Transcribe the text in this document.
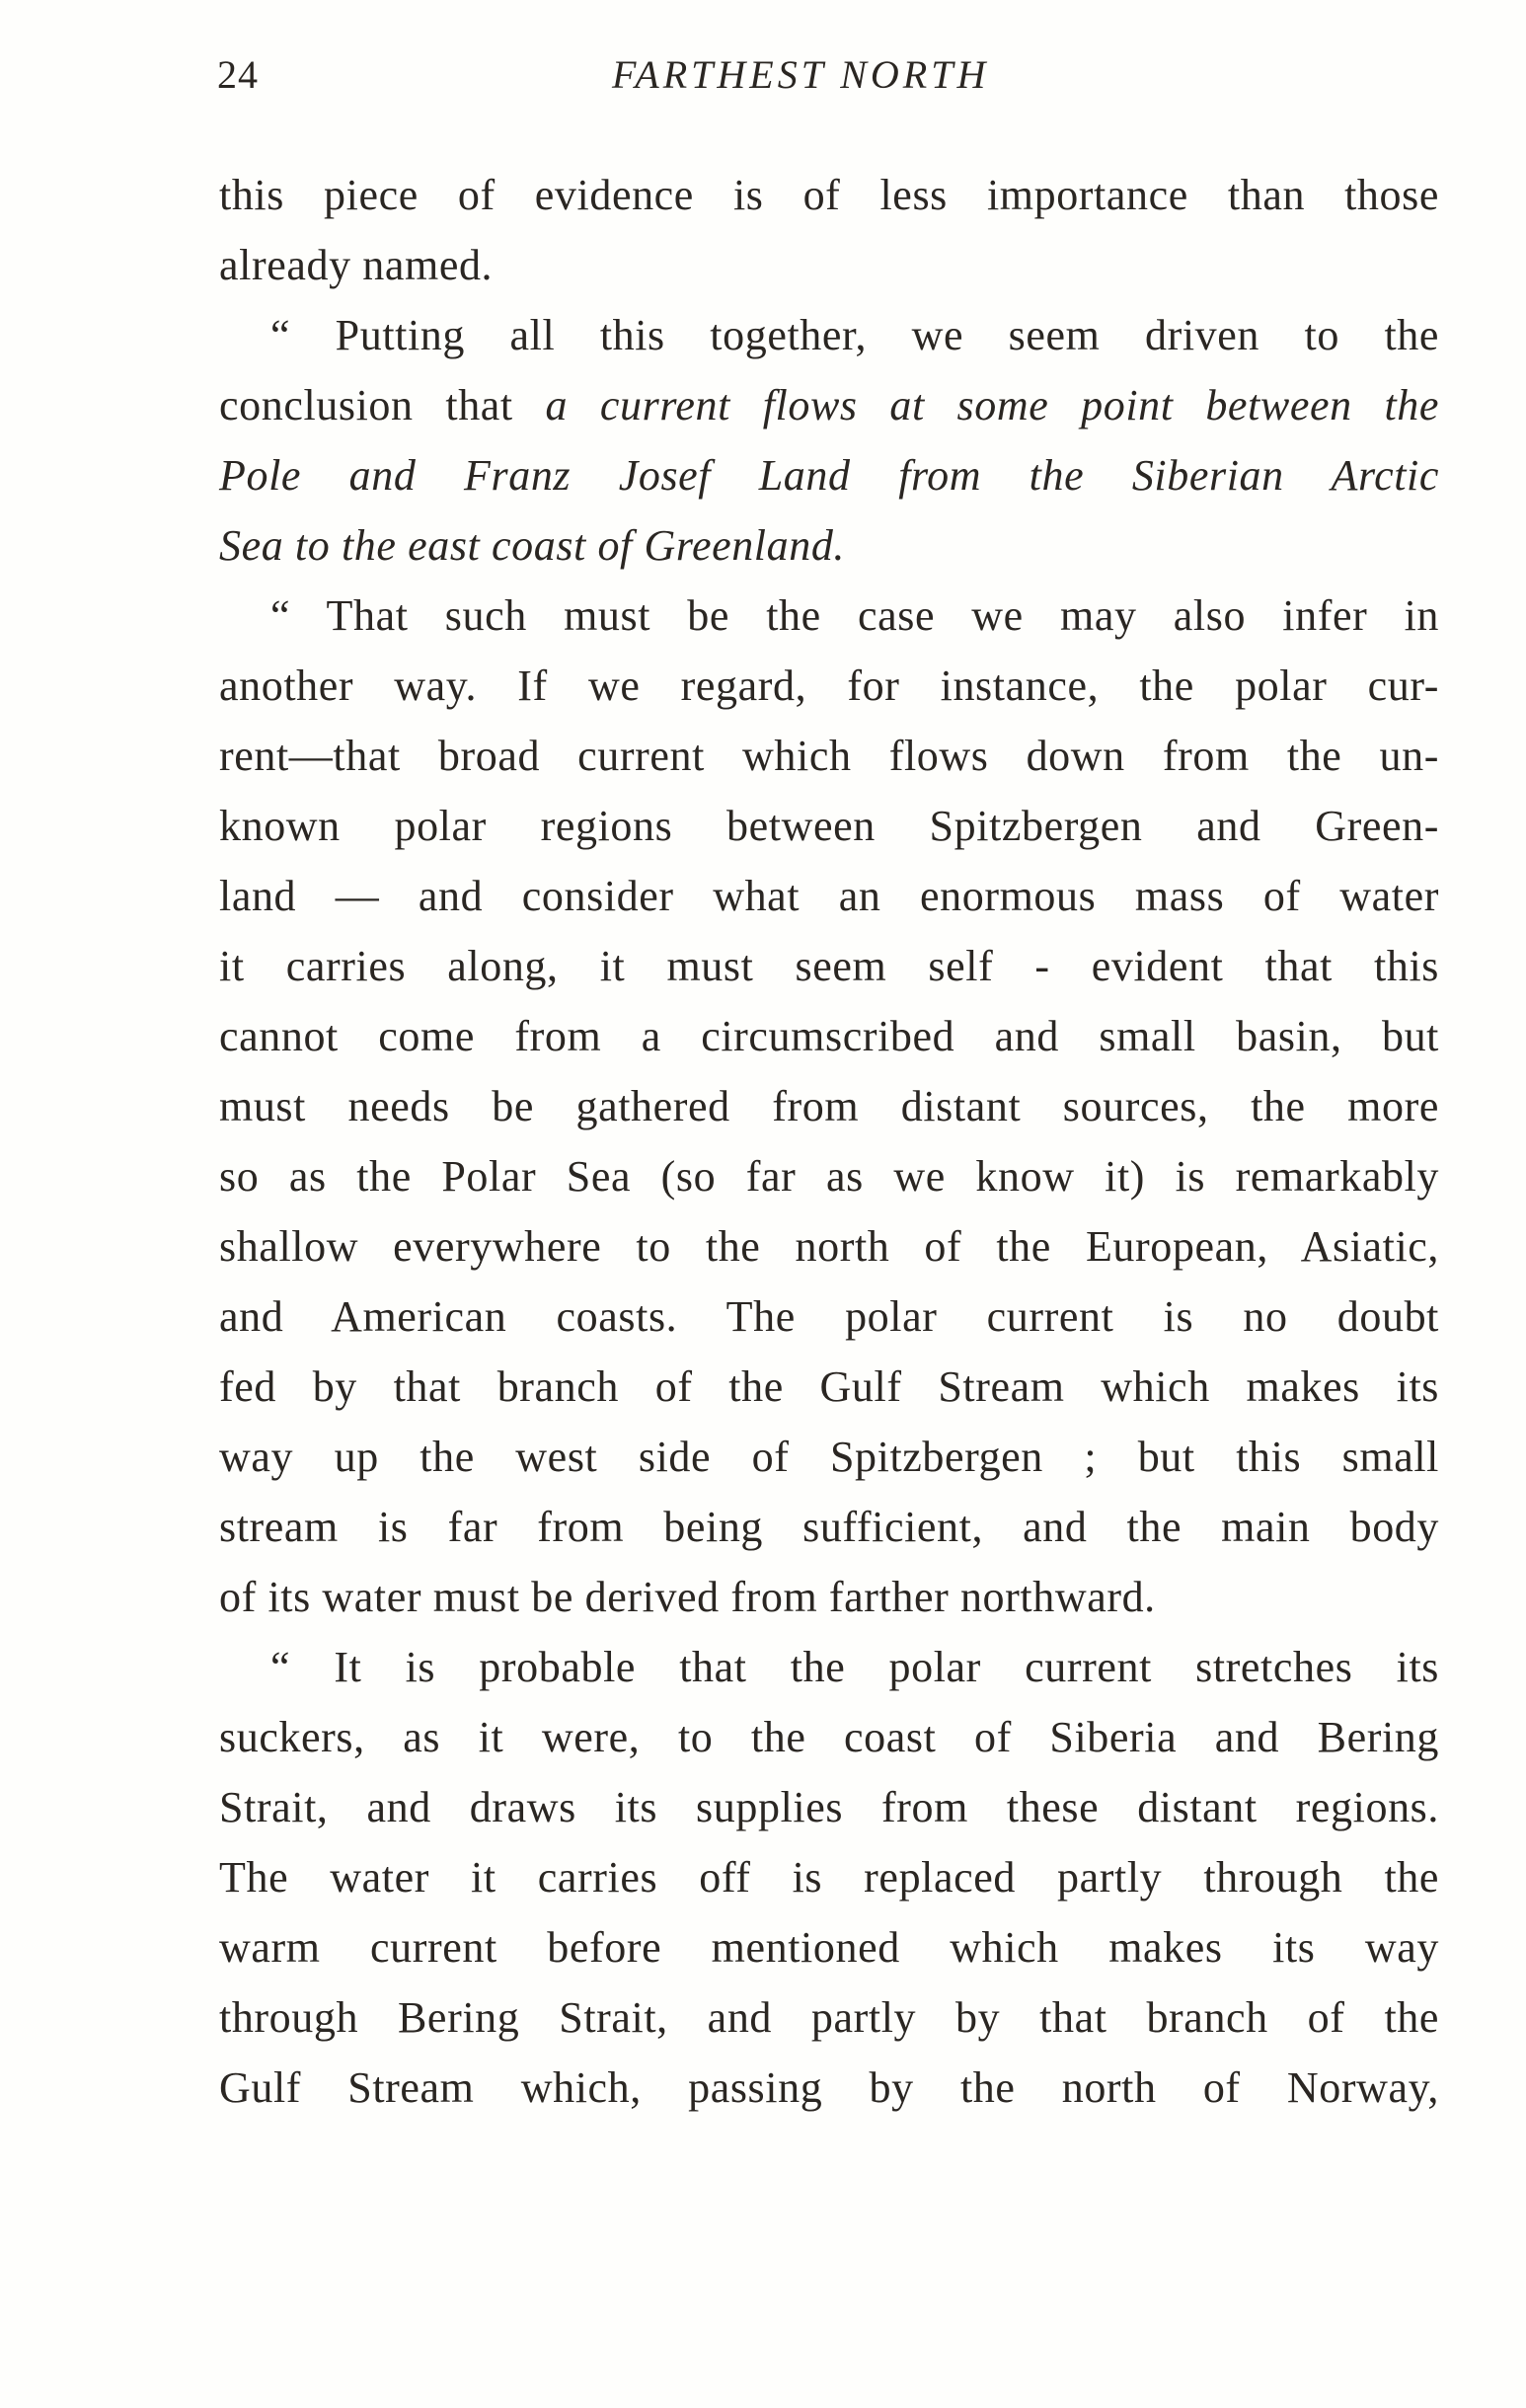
24	FARTHEST NORTH
this piece of evidence is of less importance than those
already named.
“ Putting all this together, we seem driven to the
conclusion that a current flows at some point between the
Pole and Franz Josef Land from the Siberian Arctic
Sea to the east coast of Greenland.
“ That such must be the case we may also infer in
another way. If we regard, for instance, the polar cur-
rent—that broad current which flows down from the un-
known polar regions between Spitzbergen and Green-
land — and consider what an enormous mass of water
it carries along, it must seem self - evident that this
cannot come from a circumscribed and small basin, but
must needs be gathered from distant sources, the more
so as the Polar Sea (so far as we know it) is remarkably
shallow everywhere to the north of the European, Asiatic,
and American coasts. The polar current is no doubt
fed by that branch of the Gulf Stream which makes its
way up the west side of Spitzbergen ; but this small
stream is far from being sufficient, and the main body
of its water must be derived from farther northward.
“ It is probable that the polar current stretches its
suckers, as it were, to the coast of Siberia and Bering
Strait, and draws its supplies from these distant regions.
The water it carries off is replaced partly through the
warm current before mentioned which makes its way
through Bering Strait, and partly by that branch of the
Gulf Stream which, passing by the north of Norway,
